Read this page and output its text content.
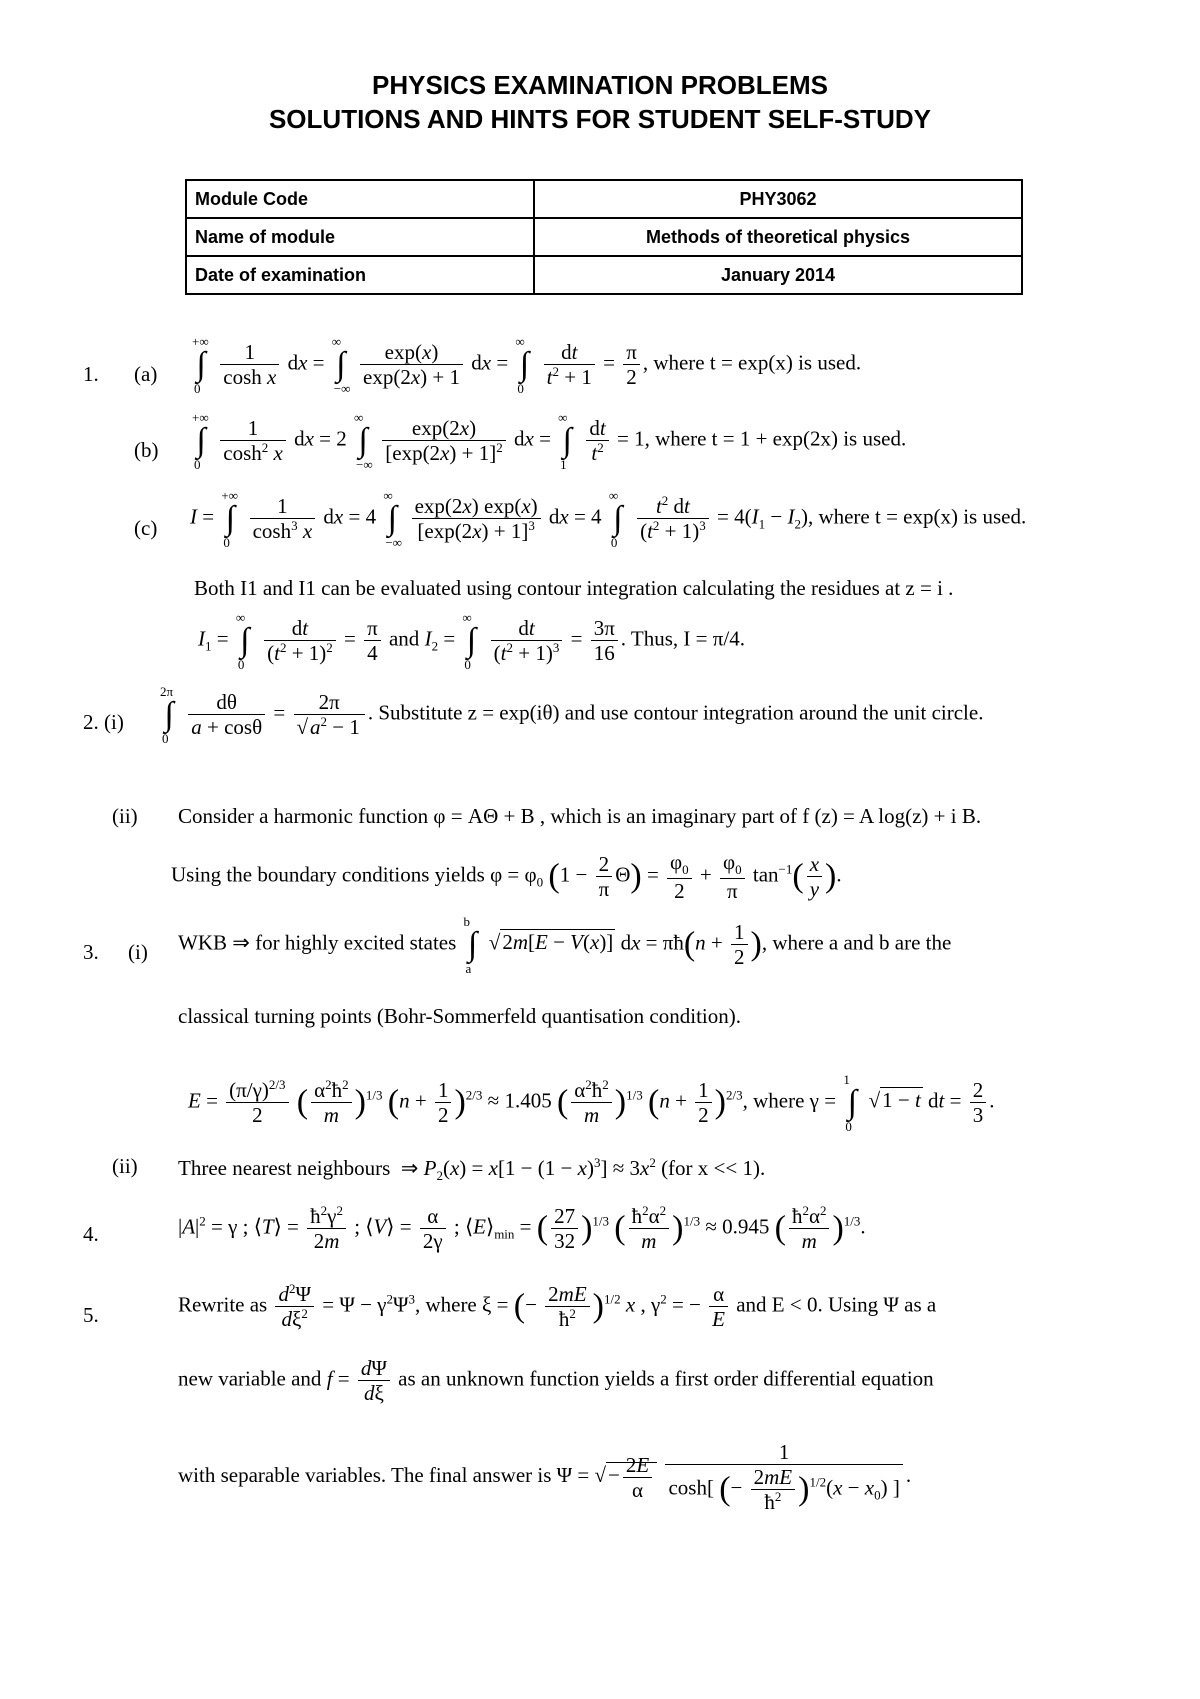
PHYSICS EXAMINATION PROBLEMS
SOLUTIONS AND HINTS FOR STUDENT SELF-STUDY
Module Code	PHY3062
Name of module	Methods of theoretical physics
Date of examination	January 2014
1. (a) ∫
+∞
0
$\frac{1}{\text{cosh x}}$ dx = ∫
∞
−∞
$\frac{\exp(x)}{\exp(2x) + 1}$ dx = ∫
∞
0
$\frac{dt}{t^2 + 1} = \frac{\pi}{2}$ , where t = exp(x) is used.
(b) ∫
+∞
0
$\frac{1}{\cosh^2 x}$ dx = 2 ∫
∞
−∞
$\frac{\exp(2x)}{[\exp(2x) + 1]^2}$ dx = ∫
∞
1
$\frac{dt}{t^2} = 1$, where t = 1 + exp(2x) is used.
(c) I = ∫
+∞
0
$\frac{1}{\cosh^3 x}$ dx = 4 ∫
∞
−∞
$\frac{\exp(2x) \exp(x)}{[\exp(2x) + 1]^3}$ dx = 4 ∫
∞
0
$\frac{t^2 dt}{(t^2 + 1)^3} = 4(I_1 - I_2)$, where t = exp(x) is used.
Both I1 and I1 can be evaluated using contour integration calculating the residues at z = i .
$I_1$ = ∫
∞
0
$\frac{dt}{(t^2 + 1)^2} = \frac{\pi}{4}$ and $I_2$ = ∫
∞
0
$\frac{dt}{(t^2 + 1)^3} = \frac{3\pi}{16}$ . Thus, I = π/4.
2. (i) ∫
2π
0
$\frac{d\theta}{a + \cos\theta} = \frac{2\pi}{√a^2 - 1}$ . Substitute z = exp(iθ) and use contour integration around the unit circle.
(ii) Consider a harmonic function φ = AΘ + B , which is an imaginary part of f (z) = A log(z) + i B.
Using the boundary conditions yields $\varphi = \varphi_0$ $(1 - \frac{2}{\pi} \Theta) = \frac{\varphi_0}{2} + \frac{\varphi_0}{\pi} \tan^{-1}( \frac{x}{y}$ ).
3. (i) WKB ⇒ for highly excited states ∫
b
a
√2m[E − V(x)] dx = πħ(n + $\frac{1}{2}$ ), where a and b are the
classical turning points (Bohr-Sommerfeld quantisation condition).
$E = \frac{(\pi/\gamma)^{2/3}}{2}$ ( $\frac{\alpha^2ħ^2}{m} )^{1/3}$ $(n + \frac{1}{2} )^{2/3} \approx 1.405$ ( $\frac{\alpha^2ħ^2}{m} )^{1/3}$ $(n + \frac{1}{2} )^{2/3}$, where γ = ∫
1
0
√1 − t dt = $\frac{2}{3}$ .
(ii) Three nearest neighbours  ⇒ $P_2(x) = x[1 - (1 - x)^3] \approx 3x^2$ (for x << 1).
4.	$|A|^2 = \gamma$ ; ⟨T⟩ = $\frac{ħ^2\gamma^2}{2m}$ ; ⟨V⟩ = $\frac{\alpha}{2\gamma}$ ; $⟨E⟩_{min}$ = ( $\frac{27}{32} )^{1/3}$ ( $\frac{ħ^2\alpha^2}{m} )^{1/3} \approx 0.945$ ( $\frac{ħ^2\alpha^2}{m} )^{1/3}$.
5.	Rewrite as $\frac{d^2\Psi}{d\xi^2} = \Psi - \gamma^2\Psi^3$, where ξ = (− $\frac{2mE}{ħ^2} )^{1/2}$ x , $\gamma^2$ = − $\frac{\alpha}{E}$ and E < 0. Using Ψ as a
new variable and $f = \frac{d\Psi}{d\xi}$ as an unknown function yields a first order differential equation
with separable variables. The final answer is Ψ = √− $\frac{2E}{\alpha}$
$\frac{1}{\cosh[ (- \frac{2mE}{ħ^2} )^{1/2}(x - x_0) ]}$ .
